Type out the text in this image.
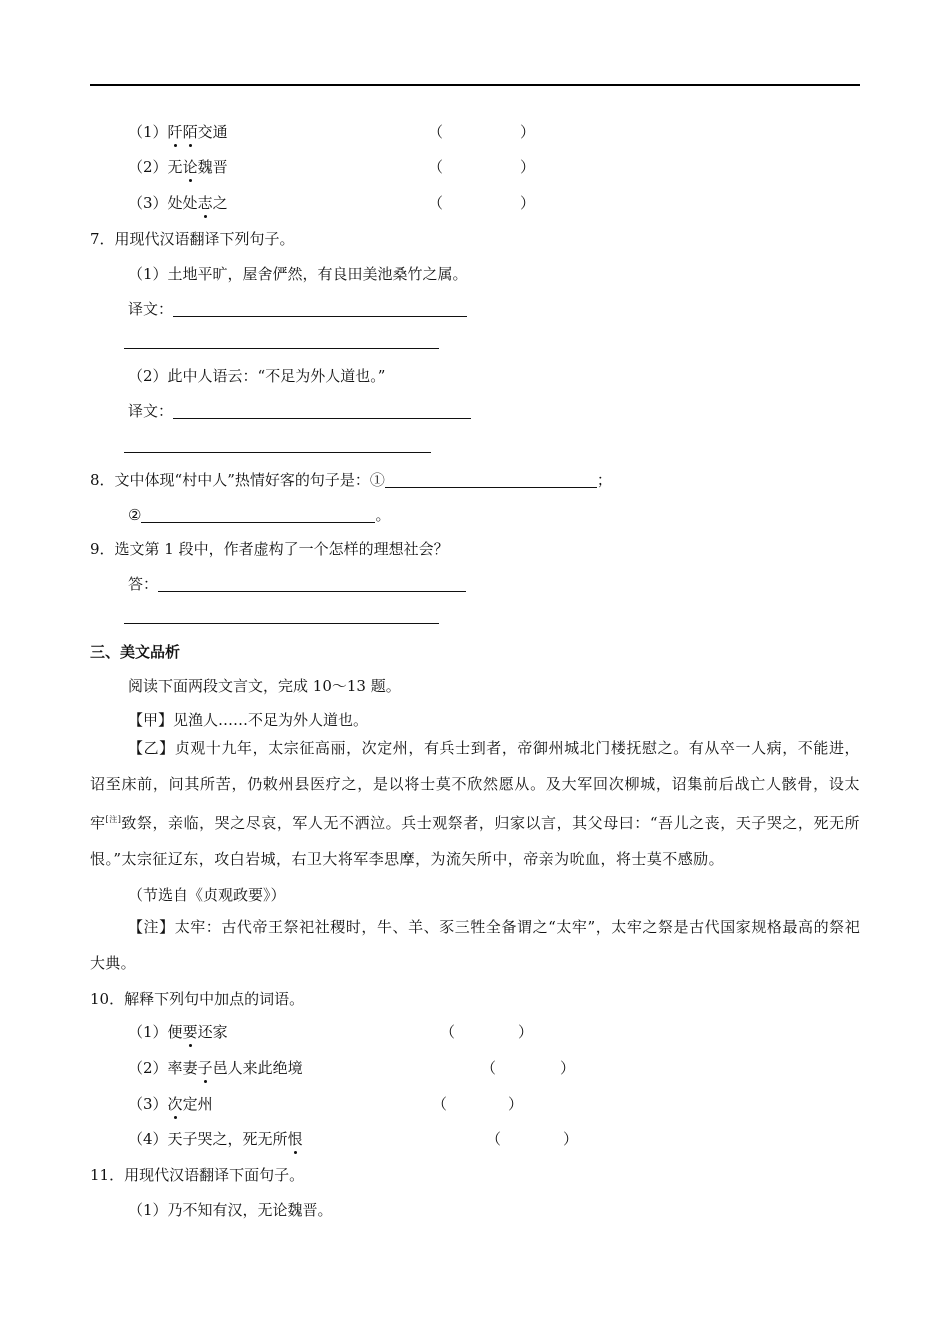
（1）阡陌交通	（	）
（2）无论魏晋	（	）
（3）处处志之	（	）
7．用现代汉语翻译下列句子。
（1）土地平旷，屋舍俨然，有良田美池桑竹之属。
译文：
（2）此中人语云：“不足为外人道也。”
译文：
8．文中体现“村中人”热情好客的句子是：①	；
②	。
9．选文第 1 段中，作者虚构了一个怎样的理想社会？
答：
三、美文品析
阅读下面两段文言文，完成 10～13 题。
【甲】见渔人……不足为外人道也。
【乙】贞观十九年，太宗征高丽，次定州，有兵士到者，帝御州城北门楼抚慰之。有从卒一人病，不能进，诏至床前，问其所苦，仍敕州县医疗之，是以将士莫不欣然愿从。及大军回次柳城，诏集前后战亡人骸骨，设太牢[注]致祭，亲临，哭之尽哀，军人无不洒泣。兵士观祭者，归家以言，其父母曰：“吾儿之丧，天子哭之，死无所恨。”太宗征辽东，攻白岩城，右卫大将军李思摩，为流矢所中，帝亲为吮血，将士莫不感励。
（节选自《贞观政要》）
【注】太牢：古代帝王祭祀社稷时，牛、羊、豕三牲全备谓之“太牢”，太牢之祭是古代国家规格最高的祭祀大典。
10．解释下列句中加点的词语。
（1）便要还家	（	）
（2）率妻子邑人来此绝境	（	）
（3）次定州	（	）
（4）天子哭之，死无所恨	（	）
11．用现代汉语翻译下面句子。
（1）乃不知有汉，无论魏晋。
